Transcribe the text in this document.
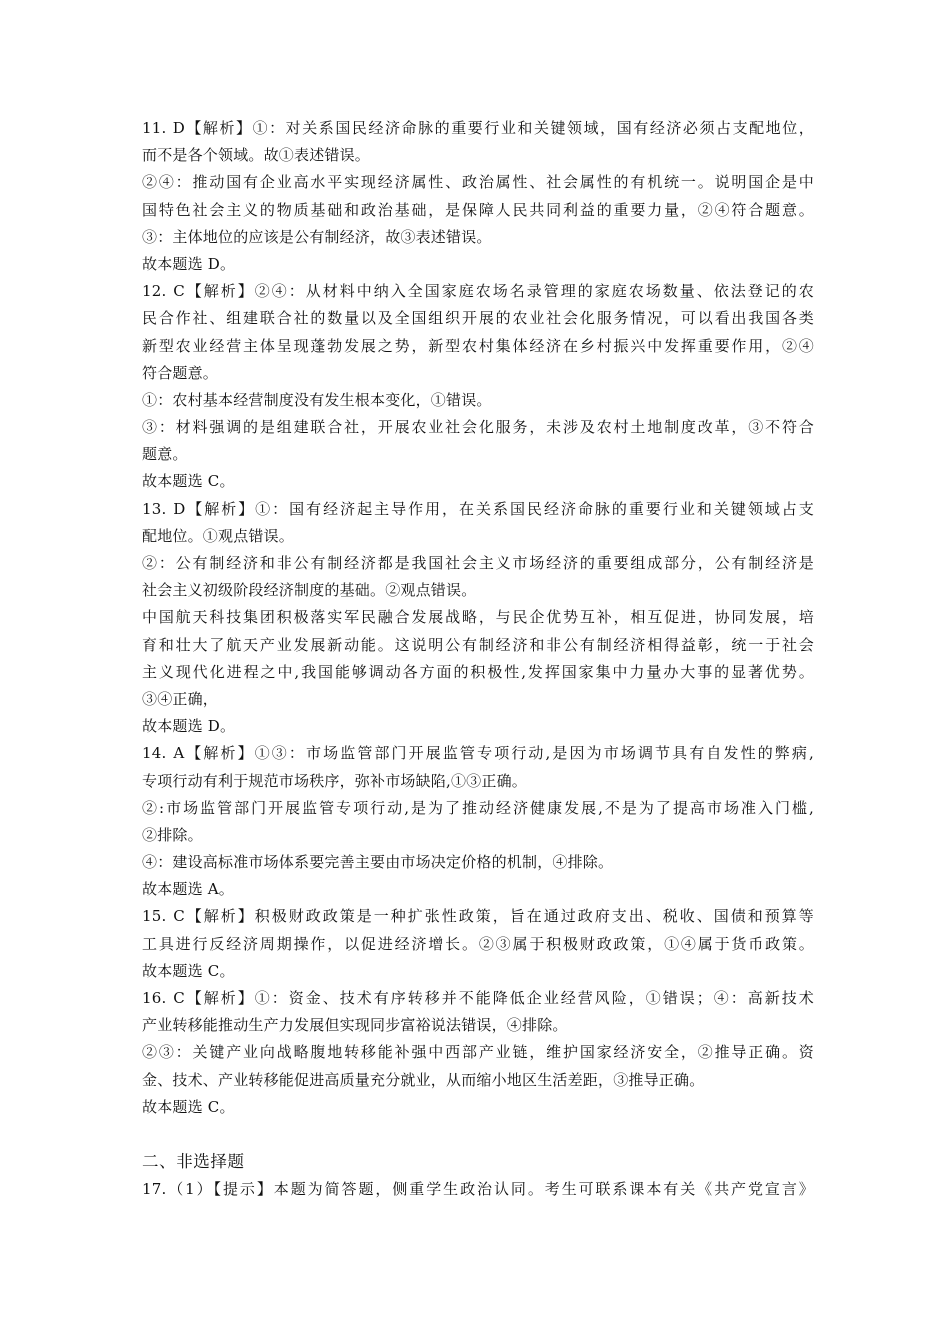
11. D【解析】①：对关系国民经济命脉的重要行业和关键领域，国有经济必须占支配地位，
而不是各个领域。故①表述错误。
②④：推动国有企业高水平实现经济属性、政治属性、社会属性的有机统一。说明国企是中
国特色社会主义的物质基础和政治基础，是保障人民共同利益的重要力量，②④符合题意。
③：主体地位的应该是公有制经济，故③表述错误。
故本题选 D。
12. C【解析】②④：从材料中纳入全国家庭农场名录管理的家庭农场数量、依法登记的农
民合作社、组建联合社的数量以及全国组织开展的农业社会化服务情况，可以看出我国各类
新型农业经营主体呈现蓬勃发展之势，新型农村集体经济在乡村振兴中发挥重要作用，②④
符合题意。
①：农村基本经营制度没有发生根本变化，①错误。
③：材料强调的是组建联合社，开展农业社会化服务，未涉及农村土地制度改革，③不符合
题意。
故本题选 C。
13. D【解析】①：国有经济起主导作用，在关系国民经济命脉的重要行业和关键领域占支
配地位。①观点错误。
②：公有制经济和非公有制经济都是我国社会主义市场经济的重要组成部分，公有制经济是
社会主义初级阶段经济制度的基础。②观点错误。
中国航天科技集团积极落实军民融合发展战略，与民企优势互补，相互促进，协同发展，培
育和壮大了航天产业发展新动能。这说明公有制经济和非公有制经济相得益彰，统一于社会
主义现代化进程之中,我国能够调动各方面的积极性,发挥国家集中力量办大事的显著优势。
③④正确，
故本题选 D。
14. A【解析】①③：市场监管部门开展监管专项行动,是因为市场调节具有自发性的弊病,
专项行动有利于规范市场秩序，弥补市场缺陷,①③正确。
②:市场监管部门开展监管专项行动,是为了推动经济健康发展,不是为了提高市场准入门槛,
②排除。
④：建设高标准市场体系要完善主要由市场决定价格的机制，④排除。
故本题选 A。
15. C【解析】积极财政政策是一种扩张性政策，旨在通过政府支出、税收、国债和预算等
工具进行反经济周期操作，以促进经济增长。②③属于积极财政政策，①④属于货币政策。
故本题选 C。
16. C【解析】①：资金、技术有序转移并不能降低企业经营风险，①错误；④：高新技术
产业转移能推动生产力发展但实现同步富裕说法错误，④排除。
②③：关键产业向战略腹地转移能补强中西部产业链，维护国家经济安全，②推导正确。资
金、技术、产业转移能促进高质量充分就业，从而缩小地区生活差距，③推导正确。
故本题选 C。
二、非选择题
17.（1）【提示】本题为简答题，侧重学生政治认同。考生可联系课本有关《共产党宣言》
